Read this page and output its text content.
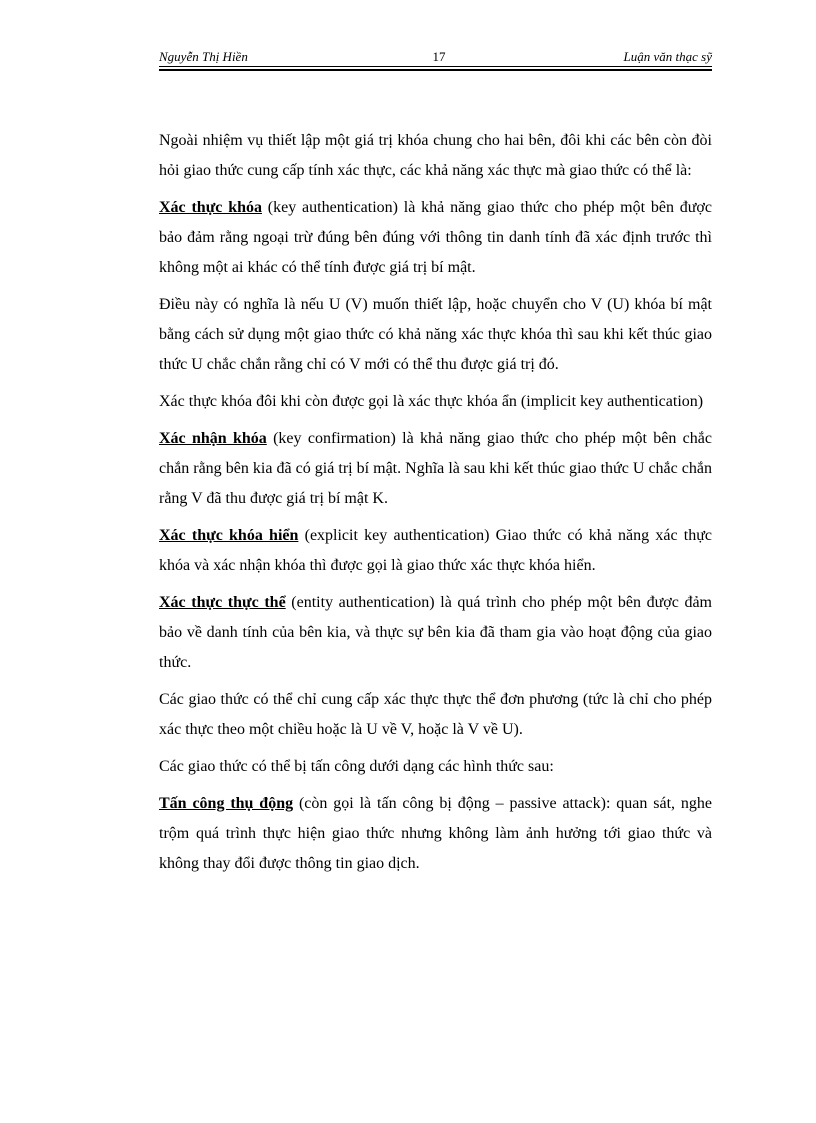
Nguyễn Thị Hiền	17	Luận văn thạc sỹ

Ngoài nhiệm vụ thiết lập một giá trị khóa chung cho hai bên, đôi khi các bên còn đòi hỏi giao thức cung cấp tính xác thực, các khả năng xác thực mà giao thức có thể là:

Xác thực khóa (key authentication) là khả năng giao thức cho phép một bên được bảo đảm rằng ngoại trừ đúng bên đúng với thông tin danh tính đã xác định trước thì không một ai khác có thể tính được giá trị bí mật.

Điều này có nghĩa là nếu U (V) muốn thiết lập, hoặc chuyển cho V (U) khóa bí mật bằng cách sử dụng một giao thức có khả năng xác thực khóa thì sau khi kết thúc giao thức U chắc chắn rằng chỉ có V mới có thể thu được giá trị đó.

Xác thực khóa đôi khi còn được gọi là xác thực khóa ẩn (implicit key authentication)

Xác nhận khóa (key confirmation) là khả năng giao thức cho phép một bên chắc chắn rằng bên kia đã có giá trị bí mật. Nghĩa là sau khi kết thúc giao thức U chắc chắn rằng V đã thu được giá trị bí mật K.

Xác thực khóa hiển (explicit key authentication) Giao thức có khả năng xác thực khóa và xác nhận khóa thì được gọi là giao thức xác thực khóa hiển.

Xác thực thực thể (entity authentication) là quá trình cho phép một bên được đảm bảo về danh tính của bên kia, và thực sự bên kia đã tham gia vào hoạt động của giao thức.

Các giao thức có thể chỉ cung cấp xác thực thực thể đơn phương (tức là chỉ cho phép xác thực theo một chiều hoặc là U về V, hoặc là V về U).

Các giao thức có thể bị tấn công dưới dạng các hình thức sau:

Tấn công thụ động (còn gọi là tấn công bị động – passive attack): quan sát, nghe trộm quá trình thực hiện giao thức nhưng không làm ảnh hưởng tới giao thức và không thay đổi được thông tin giao dịch.
